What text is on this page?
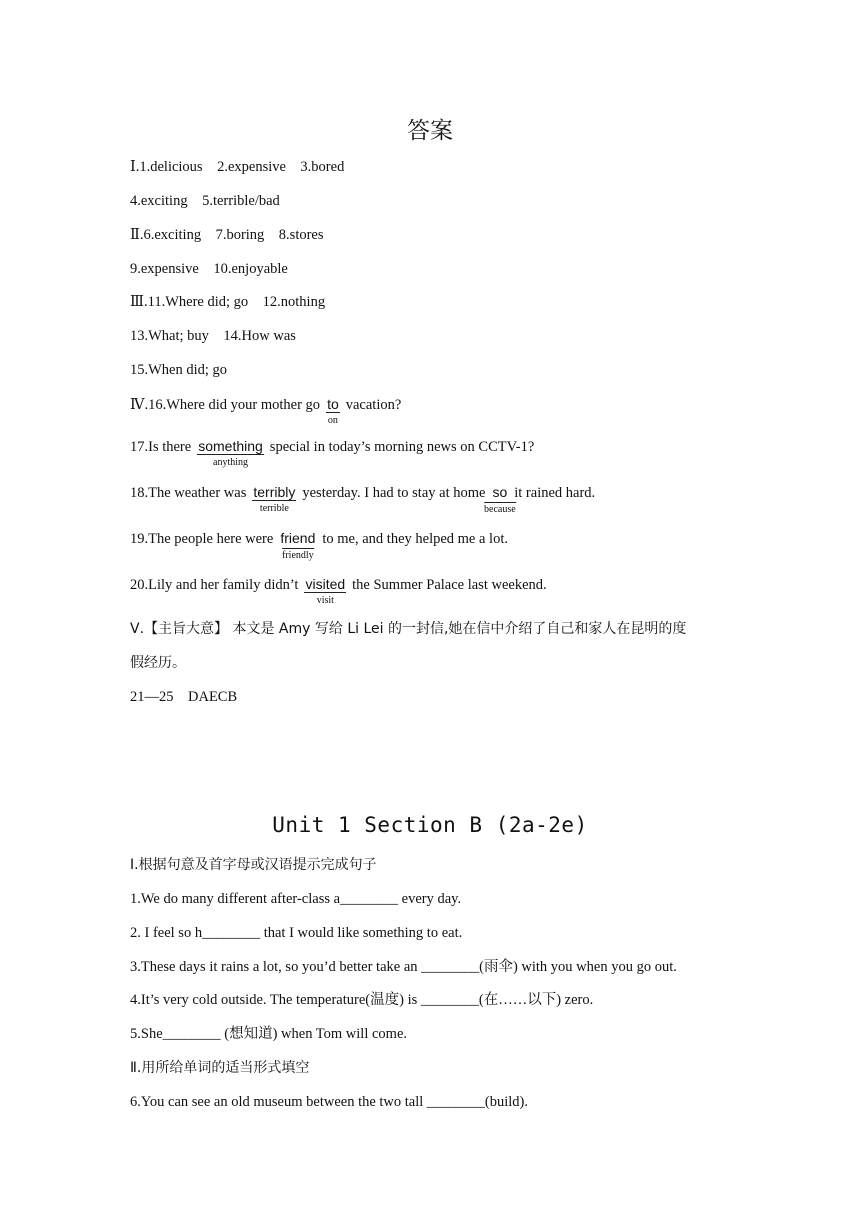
答案
Ⅰ.1.delicious　2.expensive　3.bored
4.exciting　5.terrible/bad
Ⅱ.6.exciting　7.boring　8.stores
9.expensive　10.enjoyable
Ⅲ.11.Where did; go　12.nothing
13.What; buy　14.How was
15.When did; go
Ⅳ.16.Where did your mother go to
on
vacation?
17.Is there something
anything
special in today’s morning news on CCTV-1?
18.The weather was terribly
terrible
yesterday. I had to stay at home so
because
it rained hard.
19.The people here were friend
friendly
to me, and they helped me a lot.
20.Lily and her family didn’t visited
visit
the Summer Palace last weekend.
Ⅴ.【主旨大意】 本文是 Amy 写给 Li Lei 的一封信,她在信中介绍了自己和家人在昆明的度
假经历。
21—25　DAECB
Unit 1 Section B (2a-2e)
Ⅰ.根据句意及首字母或汉语提示完成句子
1.We do many different after-class a________ every day.
2. I feel so h________ that I would like something to eat.
3.These days it rains a lot, so you’d better take an ________(雨伞) with you when you go out.
4.It’s very cold outside. The temperature(温度) is ________(在……以下) zero.
5.She________ (想知道) when Tom will come.
Ⅱ.用所给单词的适当形式填空
6.You can see an old museum between the two tall ________(build).
